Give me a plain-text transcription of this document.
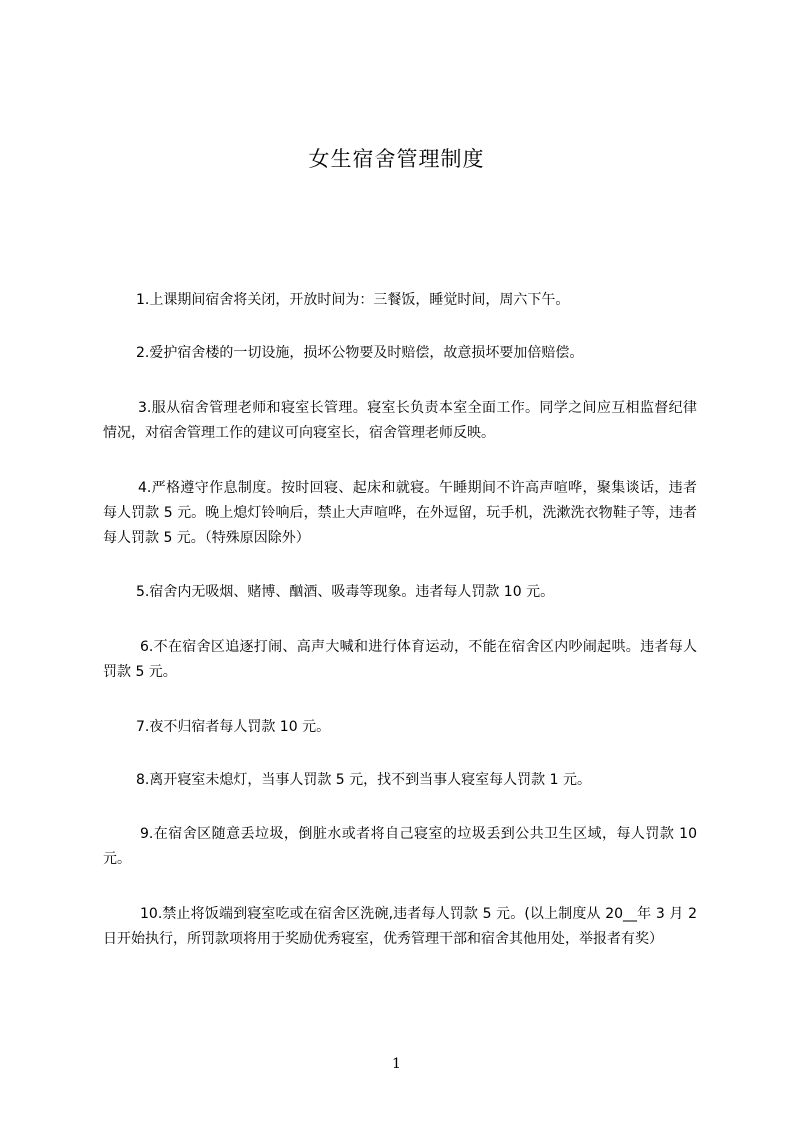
女生宿舍管理制度

1.上课期间宿舍将关闭，开放时间为：三餐饭，睡觉时间，周六下午。

2.爱护宿舍楼的一切设施，损坏公物要及时赔偿，故意损坏要加倍赔偿。

3.服从宿舍管理老师和寝室长管理。寝室长负责本室全面工作。同学之间应互相监督纪律情况，对宿舍管理工作的建议可向寝室长，宿舍管理老师反映。

4.严格遵守作息制度。按时回寝、起床和就寝。午睡期间不许高声喧哗，聚集谈话，违者每人罚款 5 元。晚上熄灯铃响后，禁止大声喧哗，在外逗留，玩手机，洗漱洗衣物鞋子等，违者每人罚款 5 元。（特殊原因除外）

5.宿舍内无吸烟、赌博、酗酒、吸毒等现象。违者每人罚款 10 元。

6.不在宿舍区追逐打闹、高声大喊和进行体育运动，不能在宿舍区内吵闹起哄。违者每人罚款 5 元。

7.夜不归宿者每人罚款 10 元。

8.离开寝室未熄灯，当事人罚款 5 元，找不到当事人寝室每人罚款 1 元。

9.在宿舍区随意丢垃圾，倒脏水或者将自己寝室的垃圾丢到公共卫生区域，每人罚款 10 元。

10.禁止将饭端到寝室吃或在宿舍区洗碗,违者每人罚款 5 元。(以上制度从 20__年 3 月 2 日开始执行，所罚款项将用于奖励优秀寝室，优秀管理干部和宿舍其他用处，举报者有奖）

1
